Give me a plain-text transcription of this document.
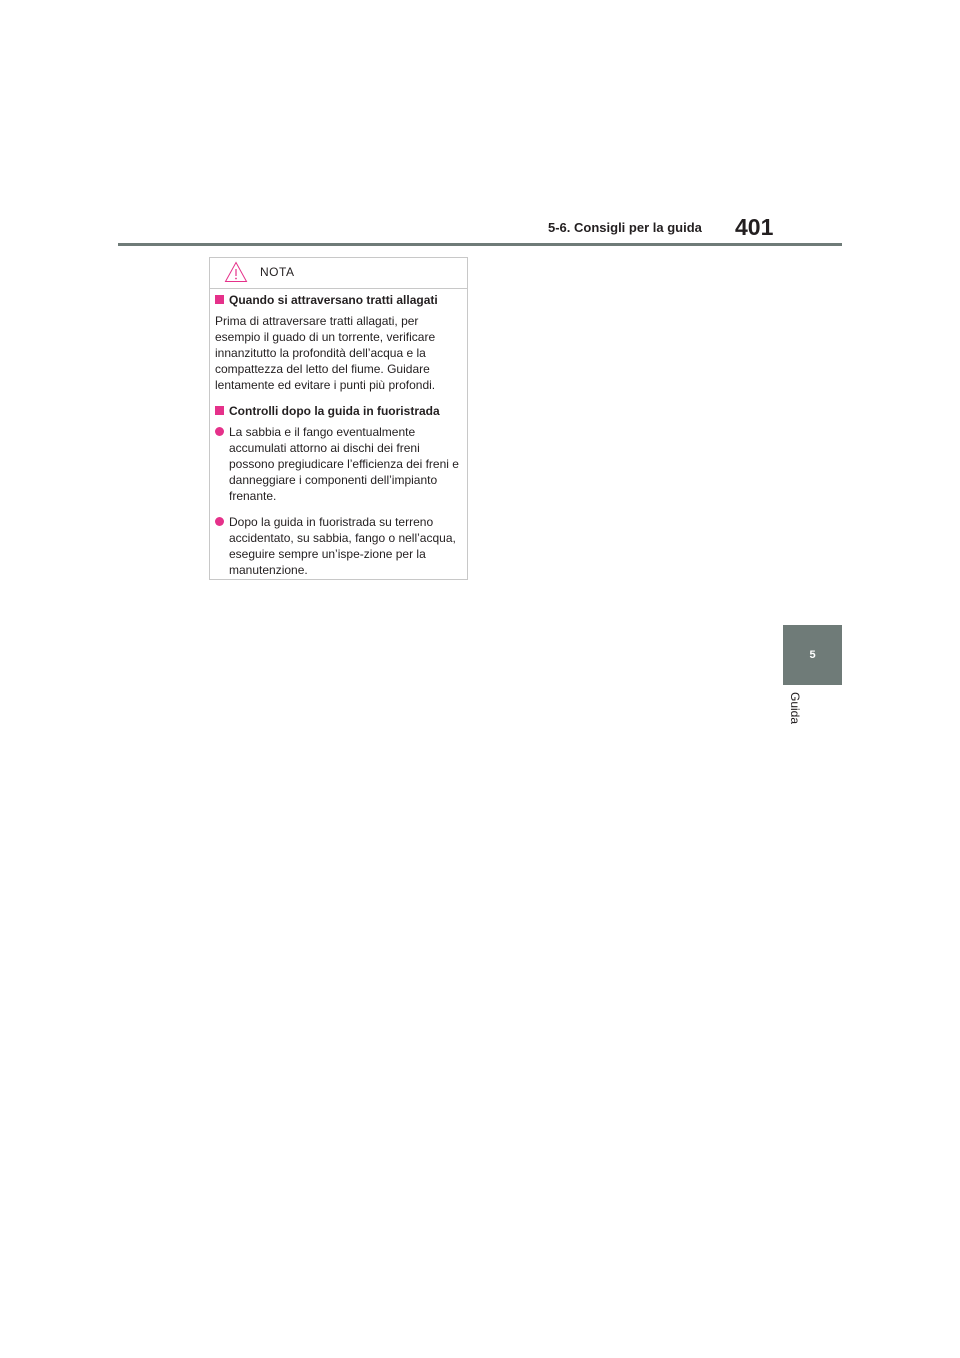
5-6. Consigli per la guida 401
5
Guida
NOTA
Quando si attraversano tratti allagati

Prima di attraversare tratti allagati, per esempio il guado di un torrente, verificare innanzitutto la profondità dell’acqua e la compattezza del letto del fiume. Guidare lentamente ed evitare i punti più profondi.

Controlli dopo la guida in fuoristrada
La sabbia e il fango eventualmente accumulati attorno ai dischi dei freni possono pregiudicare l’efficienza dei freni e danneggiare i componenti dell’impianto frenante.
Dopo la guida in fuoristrada su terreno accidentato, su sabbia, fango o nell’acqua, eseguire sempre un’ispe-zione per la manutenzione.
